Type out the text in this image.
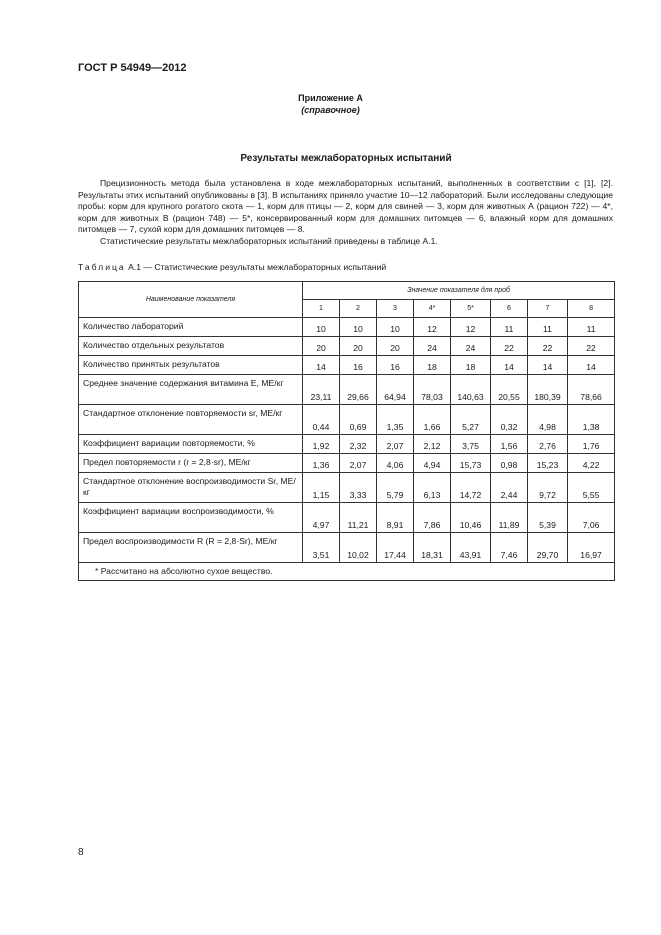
ГОСТ Р 54949—2012
Приложение А
(справочное)
Результаты межлабораторных испытаний

Прецизионность метода была установлена в ходе межлабораторных испытаний, выполненных в соответствии с [1], [2]. Результаты этих испытаний опубликованы в [3]. В испытаниях приняло участие 10—12 лабораторий. Были исследованы следующие пробы: корм для крупного рогатого скота — 1, корм для птицы — 2, корм для свиней — 3, корм для животных А (рацион 722) — 4*, корм для животных В (рацион 748) — 5*, консервированный корм для домашних питомцев — 6, влажный корм для домашних питомцев — 7, сухой корм для домашних питомцев — 8.

Статистические результаты межлабораторных испытаний приведены в таблице А.1.

Таблица А.1 — Статистические результаты межлабораторных испытаний
Наименование показателя	Значение показателя для проб							
	1	2	3	4*	5*	6	7	8
Количество лабораторий	10	10	10	12	12	11	11	11
Количество отдельных результатов	20	20	20	24	24	22	22	22
Количество принятых результатов	14	16	16	18	18	14	14	14
Среднее значение содержания витамина Е, МЕ/кг	23,11	29,66	64,94	78,03	140,63	20,55	180,39	78,66
Стандартное отклонение повторяемости sr, МЕ/кг	0,44	0,69	1,35	1,66	5,27	0,32	4,98	1,38
Коэффициент вариации повторяемости, %	1,92	2,32	2,07	2,12	3,75	1,56	2,76	1,76
Предел повторяемости r (r = 2,8·sr), МЕ/кг	1,36	2,07	4,06	4,94	15,73	0,98	15,23	4,22
Стандартное отклонение воспроизводимости Sr, МЕ/кг	1,15	3,33	5,79	6,13	14,72	2,44	9,72	5,55
Коэффициент вариации воспроизводимости, %	4,97	11,21	8,91	7,86	10,46	11,89	5,39	7,06
Предел воспроизводимости R (R = 2,8·Sr), МЕ/кг	3,51	10,02	17,44	18,31	43,91	7,46	29,70	16,97
* Рассчитано на абсолютно сухое вещество.								
8
